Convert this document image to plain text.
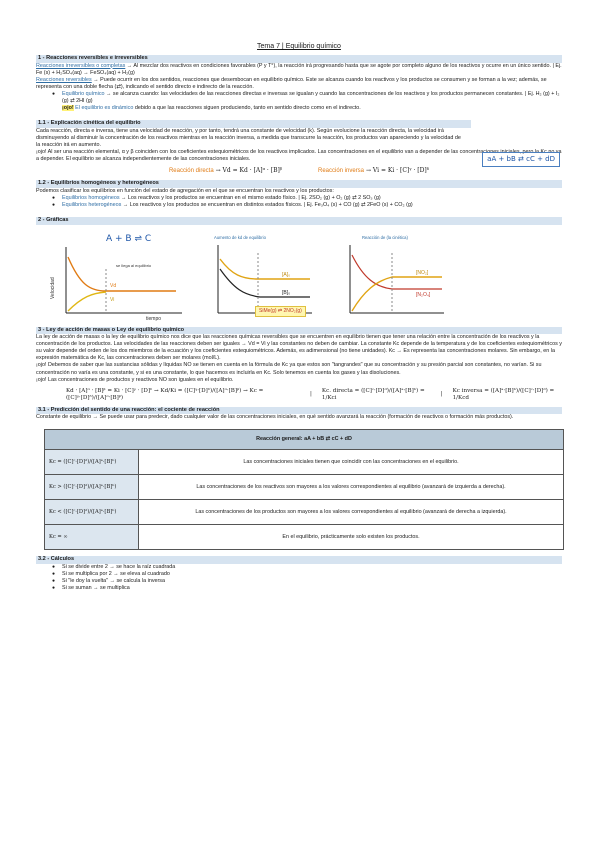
Tema 7 | Equilibrio químico
1 - Reacciones reversibles e irreversibles

Reacciones irreversibles o completas → Al mezclar dos reactivos en condiciones favorables (P y T°), la reacción irá progresando hasta que se agote por completo alguno de los reactivos y ocurre en un único sentido. | Ej. Fe (s) + H₂SO₄(aq) → FeSO₄(aq) + H₂(g)

Reacciones reversibles → Puede ocurrir en los dos sentidos, reacciones que desembocan en equilibrio químico. Este se alcanza cuando los reactivos y los productos se consumen y se forman a la vez; además, se representa con una doble flecha (⇄), indicando el sentido directo e indirecto de la reacción.

● Equilibrio químico → se alcanza cuando: las velocidades de las reacciones directas e inversas se igualan y cuando las concentraciones de los reactivos y los productos permanecen constantes. | Ej. H₂ (g) + I₂ (g) ⇄ 2HI (g)
¡ojo! El equilibrio es dinámico debido a que las reacciones siguen produciendo, tanto en sentido directo como en el indirecto.
1.1 - Explicación cinética del equilibrio

Cada reacción, directa e inversa, tiene una velocidad de reacción, y por tanto, tendrá una constante de velocidad (k). Según evolucione la reacción directa, la velocidad irá disminuyendo al disminuir la concentración de los reactivos mientras en la reacción inversa, a medida que transcurre la reacción, los productos van apareciendo y la velocidad de la reacción irá en aumento.

¡ojo! Al ser una reacción elemental, α y β coinciden con los coeficientes estequiométricos de los reactivos implicados. Las concentraciones en el equilibrio van a depender de las concentraciones iniciales, pero la Kc no va a depender. El equilibrio se alcanza independientemente de las concentraciones iniciales.	aA + bB ⇄ cC + dD
Reacción directa → Vd = Kd · [A]ᵅ · [B]ᵝ	Reacción inversa → Vi = Ki · [C]ᵞ · [D]ᵟ
1.2 - Equilibrios homogéneos y heterogéneos

Podemos clasificar los equilibrios en función del estado de agregación en el que se encuentran los reactivos y los productos:

● Equilibrios homogéneos → Los reactivos y los productos se encuentran en el mismo estado físico. | Ej. 2SO₂ (g) + O₂ (g) ⇄ 2 SO₃ (g)
● Equilibrios heterogéneos → Los reactivos y los productos se encuentran en distintos estados físicos. | Ej. Fe₃O₄ (s) + CO (g) ⇄ 2FeO (s) + CO₂ (g)
2 - Gráficas
A + B ⇌ C
Velocidad
tiempo
se llega al equilibrio
Vd
Vi
Aumento de kd de equilibrio
[A]₀
[B]₀
Reacción de (la cinética)
[NO₂]
[N₂O₄]
SiMe(g) ⇄ 2NO₂(g)
3 - Ley de acción de masas o Ley de equilibrio químico

La ley de acción de masas o la ley de equilibrio químico nos dice que las reacciones químicas reversibles que se encuentren en equilibrio tienen que tener una relación entre la concentración de los reactivos y la concentración de los productos. Las velocidades de las reacciones deben ser iguales → Vd = Vi y las constantes no deben de cambiar. La constante Kc depende de la temperatura y de los coeficientes estequiométricos y su valor depende del orden de los dos miembros de la ecuación y los coeficientes estequiométricos. Además, es adimensional (no tiene unidades). Kc → Es representa las concentraciones molares. Sin embargo, en la expresión matemática de Kc, las concentraciones deben ser molares (mol/L).

¡ojo! Debemos de saber que las sustancias sólidas y líquidas NO se tienen en cuenta en la fórmula de Kc ya que estos son "tangrandes" que su concentración y su presión parcial son constantes, no varían. Si su concentración no varía es una constante, y si es una constante, lo que hacemos es incluirla en Kc. Solo tenemos en cuenta los gases y las disoluciones.

¡ojo! Las concentraciones de productos y reactivos NO son iguales en el equilibrio.

Kd · [A]ᵅ · [B]ᵝ = Ki · [C]ᵞ · [D]ᵟ → Kd/Ki = ([C]ᵞ·[D]ᵟ)/([A]ᵅ·[B]ᵝ) → Kc = ([C]ᵞ·[D]ᵟ)/([A]ᵅ·[B]ᵝ)
|
Kc. directa = ([C]ᶜ·[D]ᵈ)/([A]ᵃ·[B]ᵇ) = 1/Kci
|
Kc inversa = ([A]ᵃ·[B]ᵇ)/([C]ᶜ·[D]ᵈ) = 1/Kcd
3.1 - Predicción del sentido de una reacción: el cociente de reacción

Constante de equilibrio → Se puede usar para predecir, dado cualquier valor de las concentraciones iniciales, en qué sentido avanzará la reacción (formación de reactivos o formación más productos).

Reacción general: aA + bB ⇄ cC + dD	
Kc = ([C]ᶜ·[D]ᵈ)/([A]ᵃ·[B]ᵇ)	Las concentraciones iniciales tienen que coincidir con las concentraciones en el equilibrio.
Kc > ([C]ᶜ·[D]ᵈ)/([A]ᵃ·[B]ᵇ)	Las concentraciones de los reactivos son mayores a los valores correspondientes al equilibrio (avanzará de izquierda a derecha).
Kc < ([C]ᶜ·[D]ᵈ)/([A]ᵃ·[B]ᵇ)	Las concentraciones de los productos son mayores a los valores correspondientes al equilibrio (avanzará de derecha a izquierda).
Kc = ∞	En el equilibrio, prácticamente solo existen los productos.
3.2 - Cálculos
● Si se divide entre 2 → se hace la raíz cuadrada
● Si se multiplica por 2 → se eleva al cuadrado
● Si "le doy la vuelta" → se calcula la inversa
● Si se suman → se multiplica
